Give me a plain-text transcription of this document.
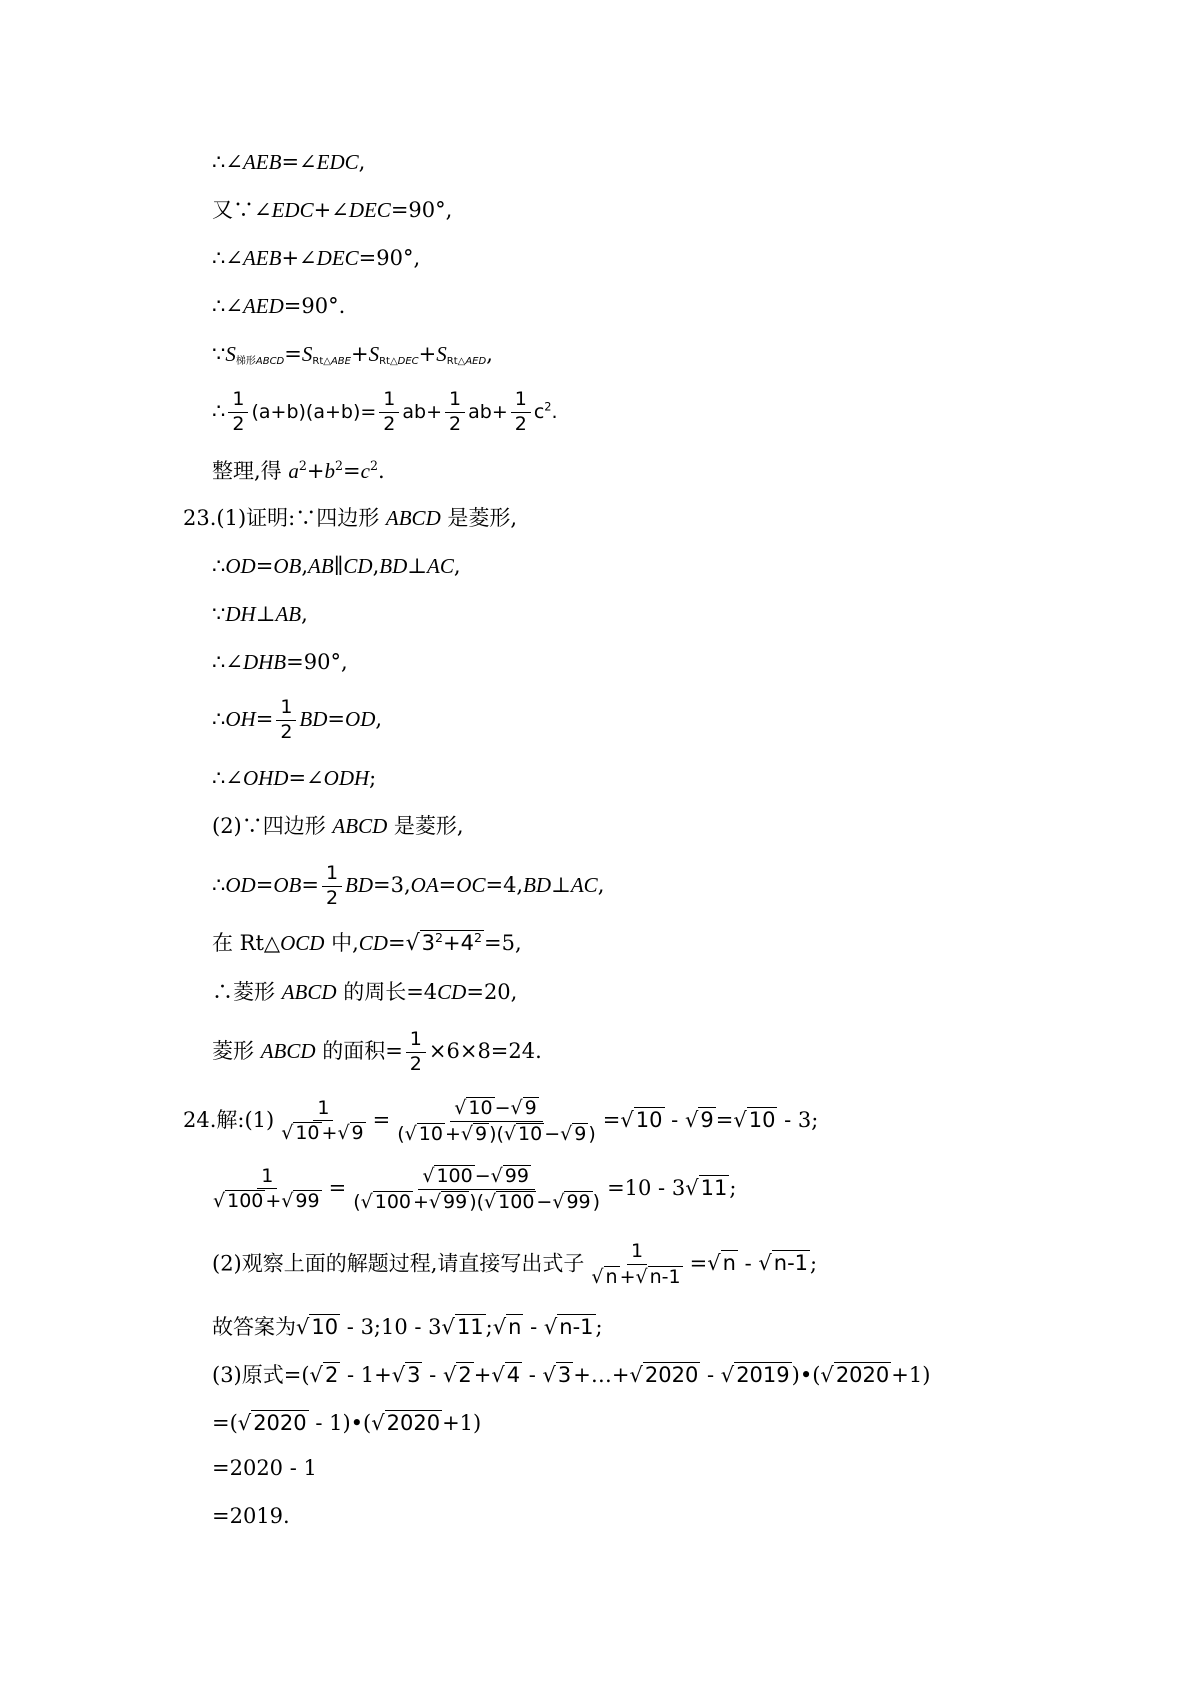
∴∠AEB=∠EDC,
又∵∠EDC+∠DEC=90°,
∴∠AEB+∠DEC=90°,
∴∠AED=90°.
∵S梯形ABCD=SRt△ABE+SRt△DEC+SRt△AED,
∴ $\frac{1}{2} (a+b)(a+b)= \frac{1}{2} ab+ \frac{1}{2} ab+ \frac{1}{2} c^2$.
整理,得 $a^2+b^2=c^2$.
23.(1)证明:∵四边形 ABCD 是菱形,
∴OD=OB,AB∥CD,BD⊥AC,
∵DH⊥AB,
∴∠DHB=90°,
∴OH= $\frac{1}{2} BD=OD$,
∴∠OHD=∠ODH;
(2)∵四边形 ABCD 是菱形,
∴OD=OB= $\frac{1}{2}$ BD=3,OA=OC=4,BD⊥AC,
在 Rt△OCD 中$,CD=√3^2+4^2=5$,
∴菱形 ABCD 的周长=4CD=20,
菱形 ABCD 的面积= $\frac{1}{2} \times 6\times 8=24$.
24.解:(1) $\frac{1}{√ 10 +√ 9} = \frac{√ 10 -√ 9}{(√ 10 +√ 9 )(√ 10 -√ 9 )} =√10 - √9=√10 - 3$;
$\frac{1}{√ 100 +√ 99} = \frac{√ 100 -√ 99}{(√ 100 +√ 99 )(√ 100 -√ 99 )} =10 - 3√11$;
(2)观察上面的解题过程,请直接写出式子 $\frac{1}{√ n +√ n-1} =√n - √n-1$;
故答案为√10 - 3;10 - 3√11;√n - √n-1;
(3)原式=(√2 - 1+√3 - √2+√4 - √3+…+√2020 - √2019)•(√2020+1)
=(√2020 - 1)•(√2020+1)
=2020 - 1
=2019.
